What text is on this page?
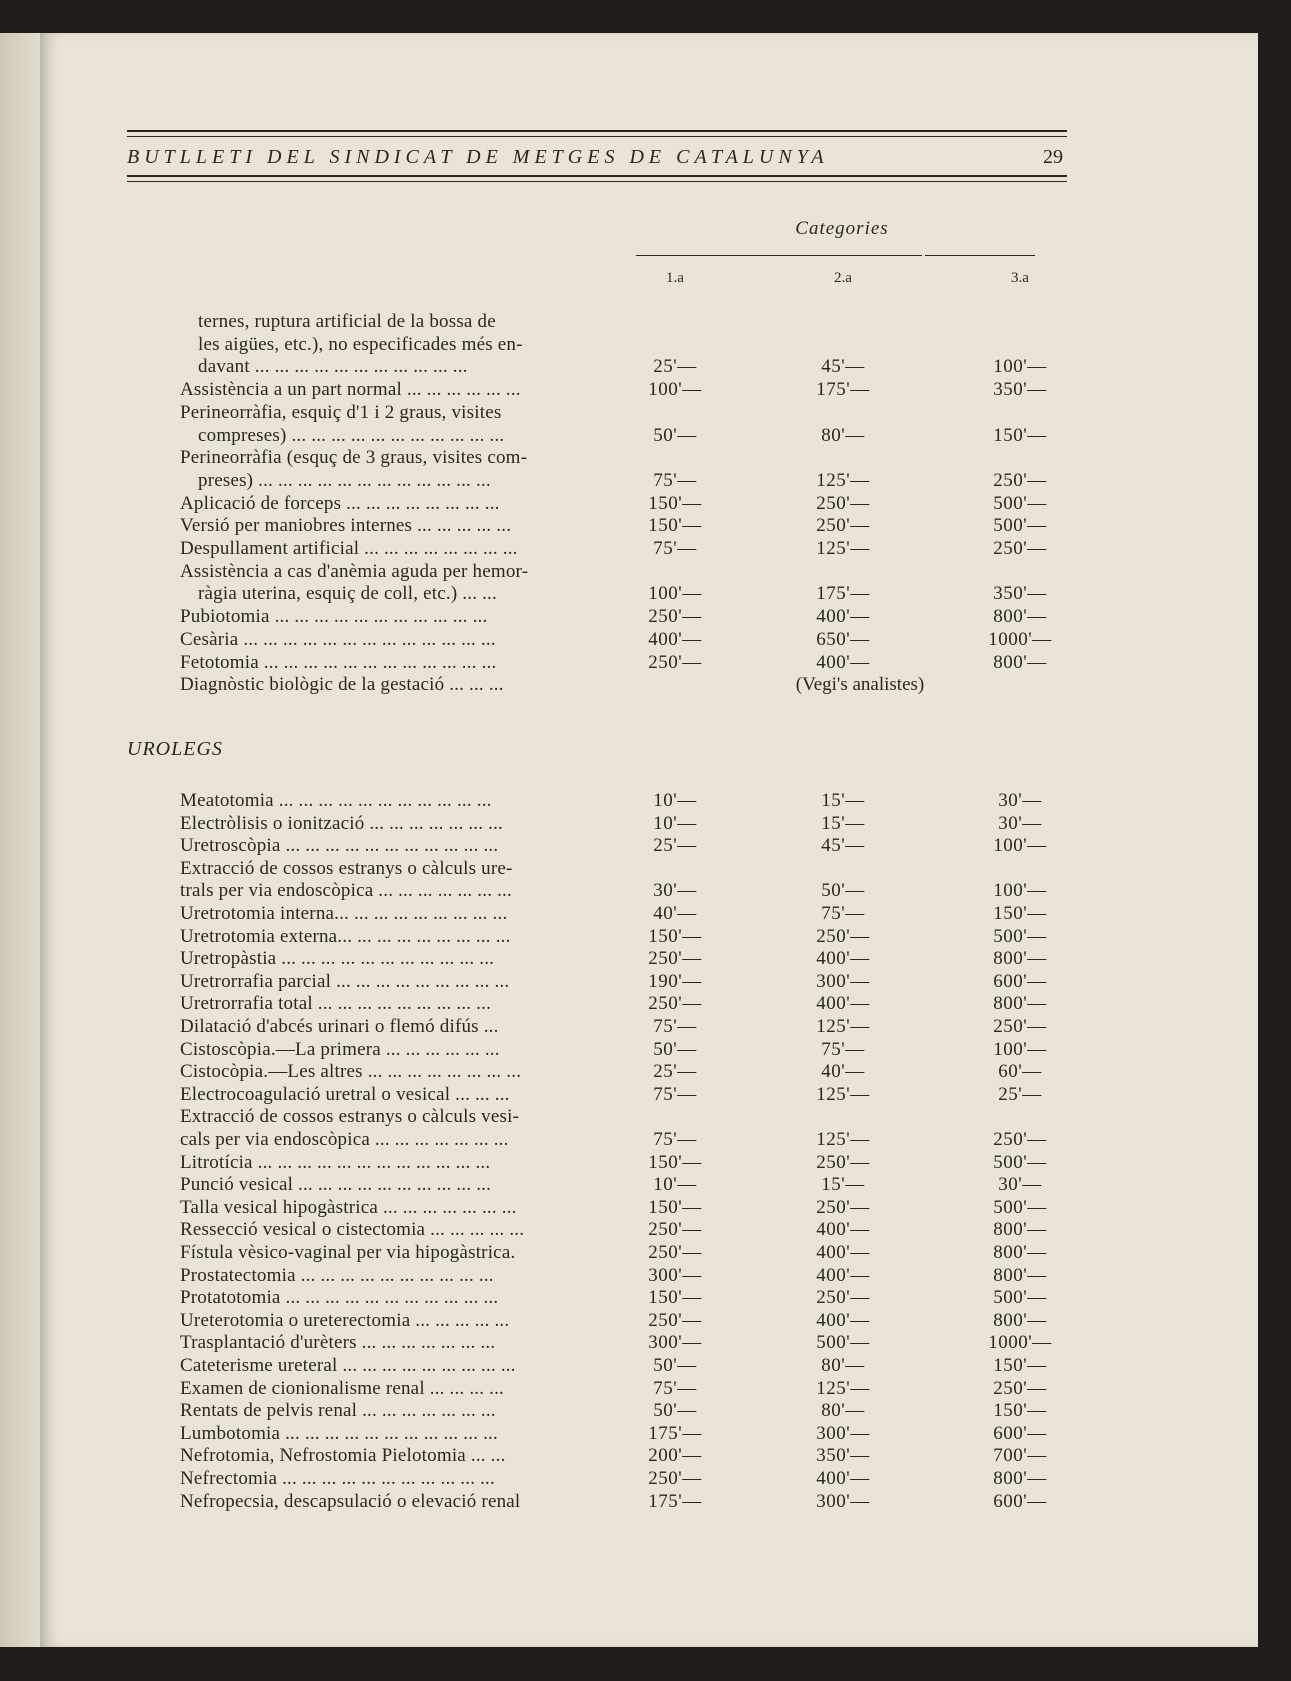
BUTLLETI DEL SINDICAT DE METGES DE CATALUNYA	29
Categories
1.a	2.a	3.a
ternes, ruptura artificial de la bossa de
les aigües, etc.), no especificades més en-
davant ... ... ... ... ... ... ... ... ... ... ...	25'—	45'—	100'—
Assistència a un part normal ... ... ... ... ... ...	100'—	175'—	350'—
Perineorràfia, esquiç d'1 i 2 graus, visites
compreses) ... ... ... ... ... ... ... ... ... ... ...	50'—	80'—	150'—
Perineorràfia (esquç de 3 graus, visites com-
preses) ... ... ... ... ... ... ... ... ... ... ... ...	75'—	125'—	250'—
Aplicació de forceps ... ... ... ... ... ... ... ...	150'—	250'—	500'—
Versió per maniobres internes ... ... ... ... ...	150'—	250'—	500'—
Despullament artificial ... ... ... ... ... ... ... ...	75'—	125'—	250'—
Assistència a cas d'anèmia aguda per hemor-
ràgia uterina, esquiç de coll, etc.) ... ...	100'—	175'—	350'—
Pubiotomia ... ... ... ... ... ... ... ... ... ... ...	250'—	400'—	800'—
Cesària ... ... ... ... ... ... ... ... ... ... ... ... ...	400'—	650'—	1000'—
Fetotomia ... ... ... ... ... ... ... ... ... ... ... ...	250'—	400'—	800'—
Diagnòstic biològic de la gestació ... ... ...	(Vegi's analistes)
UROLEGS
Meatotomia ... ... ... ... ... ... ... ... ... ... ...	10'—	15'—	30'—
Electròlisis o ionització ... ... ... ... ... ... ...	10'—	15'—	30'—
Uretroscòpia ... ... ... ... ... ... ... ... ... ... ...	25'—	45'—	100'—
Extracció de cossos estranys o càlculs ure-
trals per via endoscòpica ... ... ... ... ... ... ...	30'—	50'—	100'—
Uretrotomia interna... ... ... ... ... ... ... ... ...	40'—	75'—	150'—
Uretrotomia externa... ... ... ... ... ... ... ... ...	150'—	250'—	500'—
Uretropàstia ... ... ... ... ... ... ... ... ... ... ...	250'—	400'—	800'—
Uretrorrafia parcial ... ... ... ... ... ... ... ... ...	190'—	300'—	600'—
Uretrorrafia total ... ... ... ... ... ... ... ... ...	250'—	400'—	800'—
Dilatació d'abcés urinari o flemó difús ...	75'—	125'—	250'—
Cistoscòpia.—La primera ... ... ... ... ... ...	50'—	75'—	100'—
Cistocòpia.—Les altres ... ... ... ... ... ... ... ...	25'—	40'—	60'—
Electrocoagulació uretral o vesical ... ... ...	75'—	125'—	25'—
Extracció de cossos estranys o càlculs vesi-
cals per via endoscòpica ... ... ... ... ... ... ...	75'—	125'—	250'—
Litrotícia ... ... ... ... ... ... ... ... ... ... ... ...	150'—	250'—	500'—
Punció vesical ... ... ... ... ... ... ... ... ... ...	10'—	15'—	30'—
Talla vesical hipogàstrica ... ... ... ... ... ... ...	150'—	250'—	500'—
Ressecció vesical o cistectomia ... ... ... ... ...	250'—	400'—	800'—
Fístula vèsico-vaginal per via hipogàstrica.	250'—	400'—	800'—
Prostatectomia ... ... ... ... ... ... ... ... ... ...	300'—	400'—	800'—
Protatotomia ... ... ... ... ... ... ... ... ... ... ...	150'—	250'—	500'—
Ureterotomia o ureterectomia ... ... ... ... ...	250'—	400'—	800'—
Trasplantació d'urèters ... ... ... ... ... ... ...	300'—	500'—	1000'—
Cateterisme ureteral ... ... ... ... ... ... ... ... ...	50'—	80'—	150'—
Examen de cionionalisme renal ... ... ... ...	75'—	125'—	250'—
Rentats de pelvis renal ... ... ... ... ... ... ...	50'—	80'—	150'—
Lumbotomia ... ... ... ... ... ... ... ... ... ... ...	175'—	300'—	600'—
Nefrotomia, Nefrostomia Pielotomia ... ...	200'—	350'—	700'—
Nefrectomia ... ... ... ... ... ... ... ... ... ... ...	250'—	400'—	800'—
Nefropecsia, descapsulació o elevació renal	175'—	300'—	600'—
